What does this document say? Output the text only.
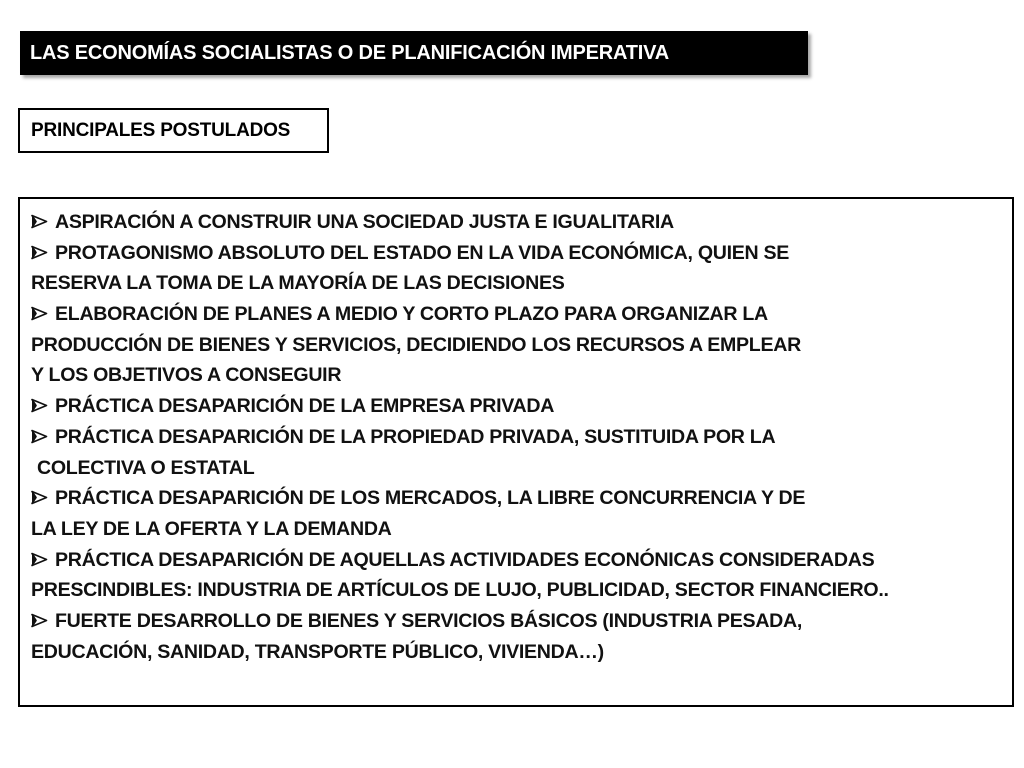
LAS ECONOMÍAS SOCIALISTAS O DE PLANIFICACIÓN IMPERATIVA
PRINCIPALES POSTULADOS
ASPIRACIÓN A CONSTRUIR UNA SOCIEDAD JUSTA E IGUALITARIA
PROTAGONISMO ABSOLUTO DEL ESTADO EN LA VIDA ECONÓMICA, QUIEN SE
RESERVA LA TOMA DE LA MAYORÍA DE LAS DECISIONES
ELABORACIÓN DE PLANES A MEDIO Y CORTO PLAZO PARA ORGANIZAR LA
PRODUCCIÓN DE BIENES Y SERVICIOS, DECIDIENDO LOS RECURSOS A EMPLEAR
Y LOS OBJETIVOS A CONSEGUIR
PRÁCTICA DESAPARICIÓN DE LA EMPRESA PRIVADA
PRÁCTICA DESAPARICIÓN DE LA PROPIEDAD PRIVADA, SUSTITUIDA POR LA
COLECTIVA O ESTATAL
PRÁCTICA DESAPARICIÓN DE LOS MERCADOS, LA LIBRE CONCURRENCIA Y DE
LA LEY DE LA OFERTA Y LA DEMANDA
PRÁCTICA DESAPARICIÓN DE AQUELLAS ACTIVIDADES ECONÓNICAS CONSIDERADAS
PRESCINDIBLES: INDUSTRIA DE ARTÍCULOS DE LUJO, PUBLICIDAD, SECTOR FINANCIERO..
FUERTE DESARROLLO DE BIENES Y SERVICIOS BÁSICOS (INDUSTRIA PESADA,
EDUCACIÓN, SANIDAD, TRANSPORTE PÚBLICO, VIVIENDA…)
